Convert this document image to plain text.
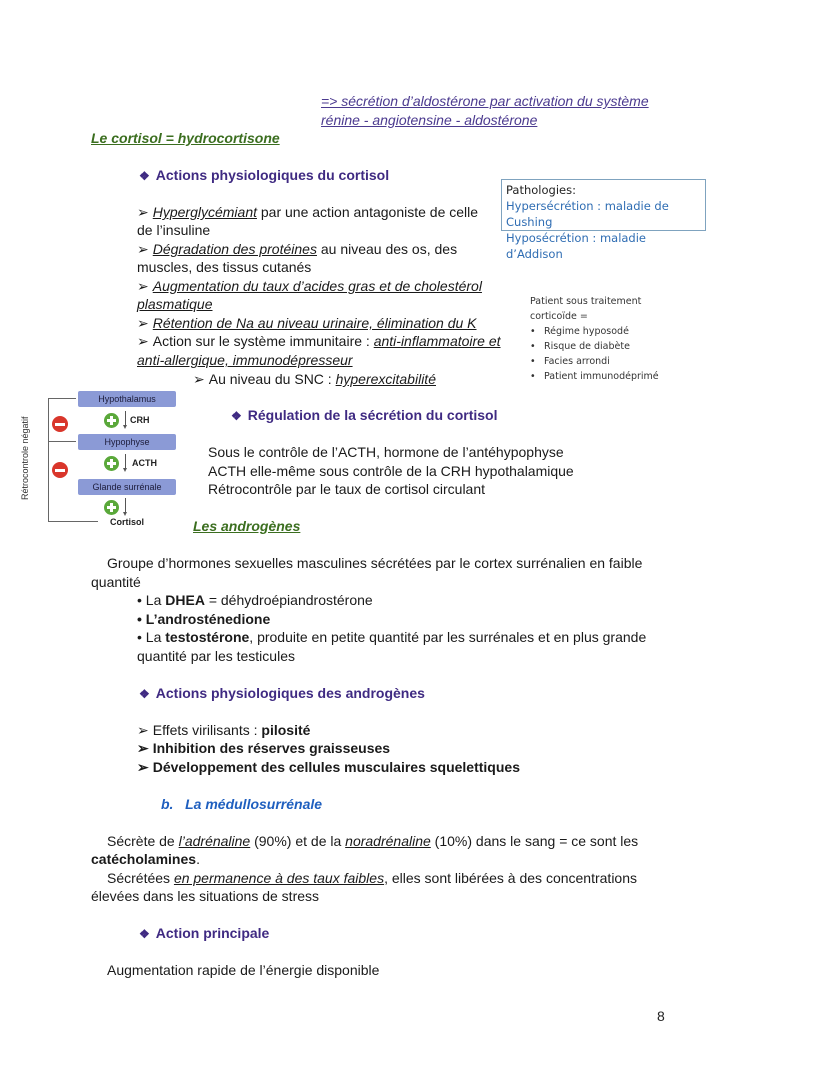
=> sécrétion d’aldostérone par activation du système
rénine - angiotensine - aldostérone
Le cortisol = hydrocortisone
❖ Actions physiologiques du cortisol
Pathologies:
Hypersécrétion : maladie de Cushing
Hyposécrétion : maladie d’Addison
➢ Hyperglycémiant par une action antagoniste de celle
de l’insuline
➢ Dégradation des protéines au niveau des os, des
muscles, des tissus cutanés
➢ Augmentation du taux d’acides gras et de cholestérol
plasmatique
➢ Rétention de Na au niveau urinaire, élimination du K
➢ Action sur le système immunitaire : anti-inflammatoire et
anti-allergique, immunodépresseur
➢ Au niveau du SNC : hyperexcitabilité
Patient sous traitement
corticoïde =
• Régime hyposodé
• Risque de diabète
• Facies arrondi
• Patient immunodéprimé
Rétrocontrole négatif
Hypothalamus
Hypophyse
Glande surrénale
CRH
ACTH
Cortisol
❖ Régulation de la sécrétion du cortisol
Sous le contrôle de l’ACTH, hormone de l’antéhypophyse
ACTH elle-même sous contrôle de la CRH hypothalamique
Rétrocontrôle par le taux de cortisol circulant
Les androgènes
Groupe d’hormones sexuelles masculines sécrétées par le cortex surrénalien en faible
quantité
• La DHEA = déhydroépiandrostérone
• L’androsténedione
• La testostérone, produite en petite quantité par les surrénales et en plus grande
quantité par les testicules
❖ Actions physiologiques des androgènes
➢ Effets virilisants : pilosité
➢ Inhibition des réserves graisseuses
➢ Développement des cellules musculaires squelettiques
b.   La médullosurrénale
Sécrète de l’adrénaline (90%) et de la noradrénaline (10%) dans le sang = ce sont les
catécholamines.
Sécrétées en permanence à des taux faibles, elles sont libérées à des concentrations
élevées dans les situations de stress
❖ Action principale
Augmentation rapide de l’énergie disponible
8
